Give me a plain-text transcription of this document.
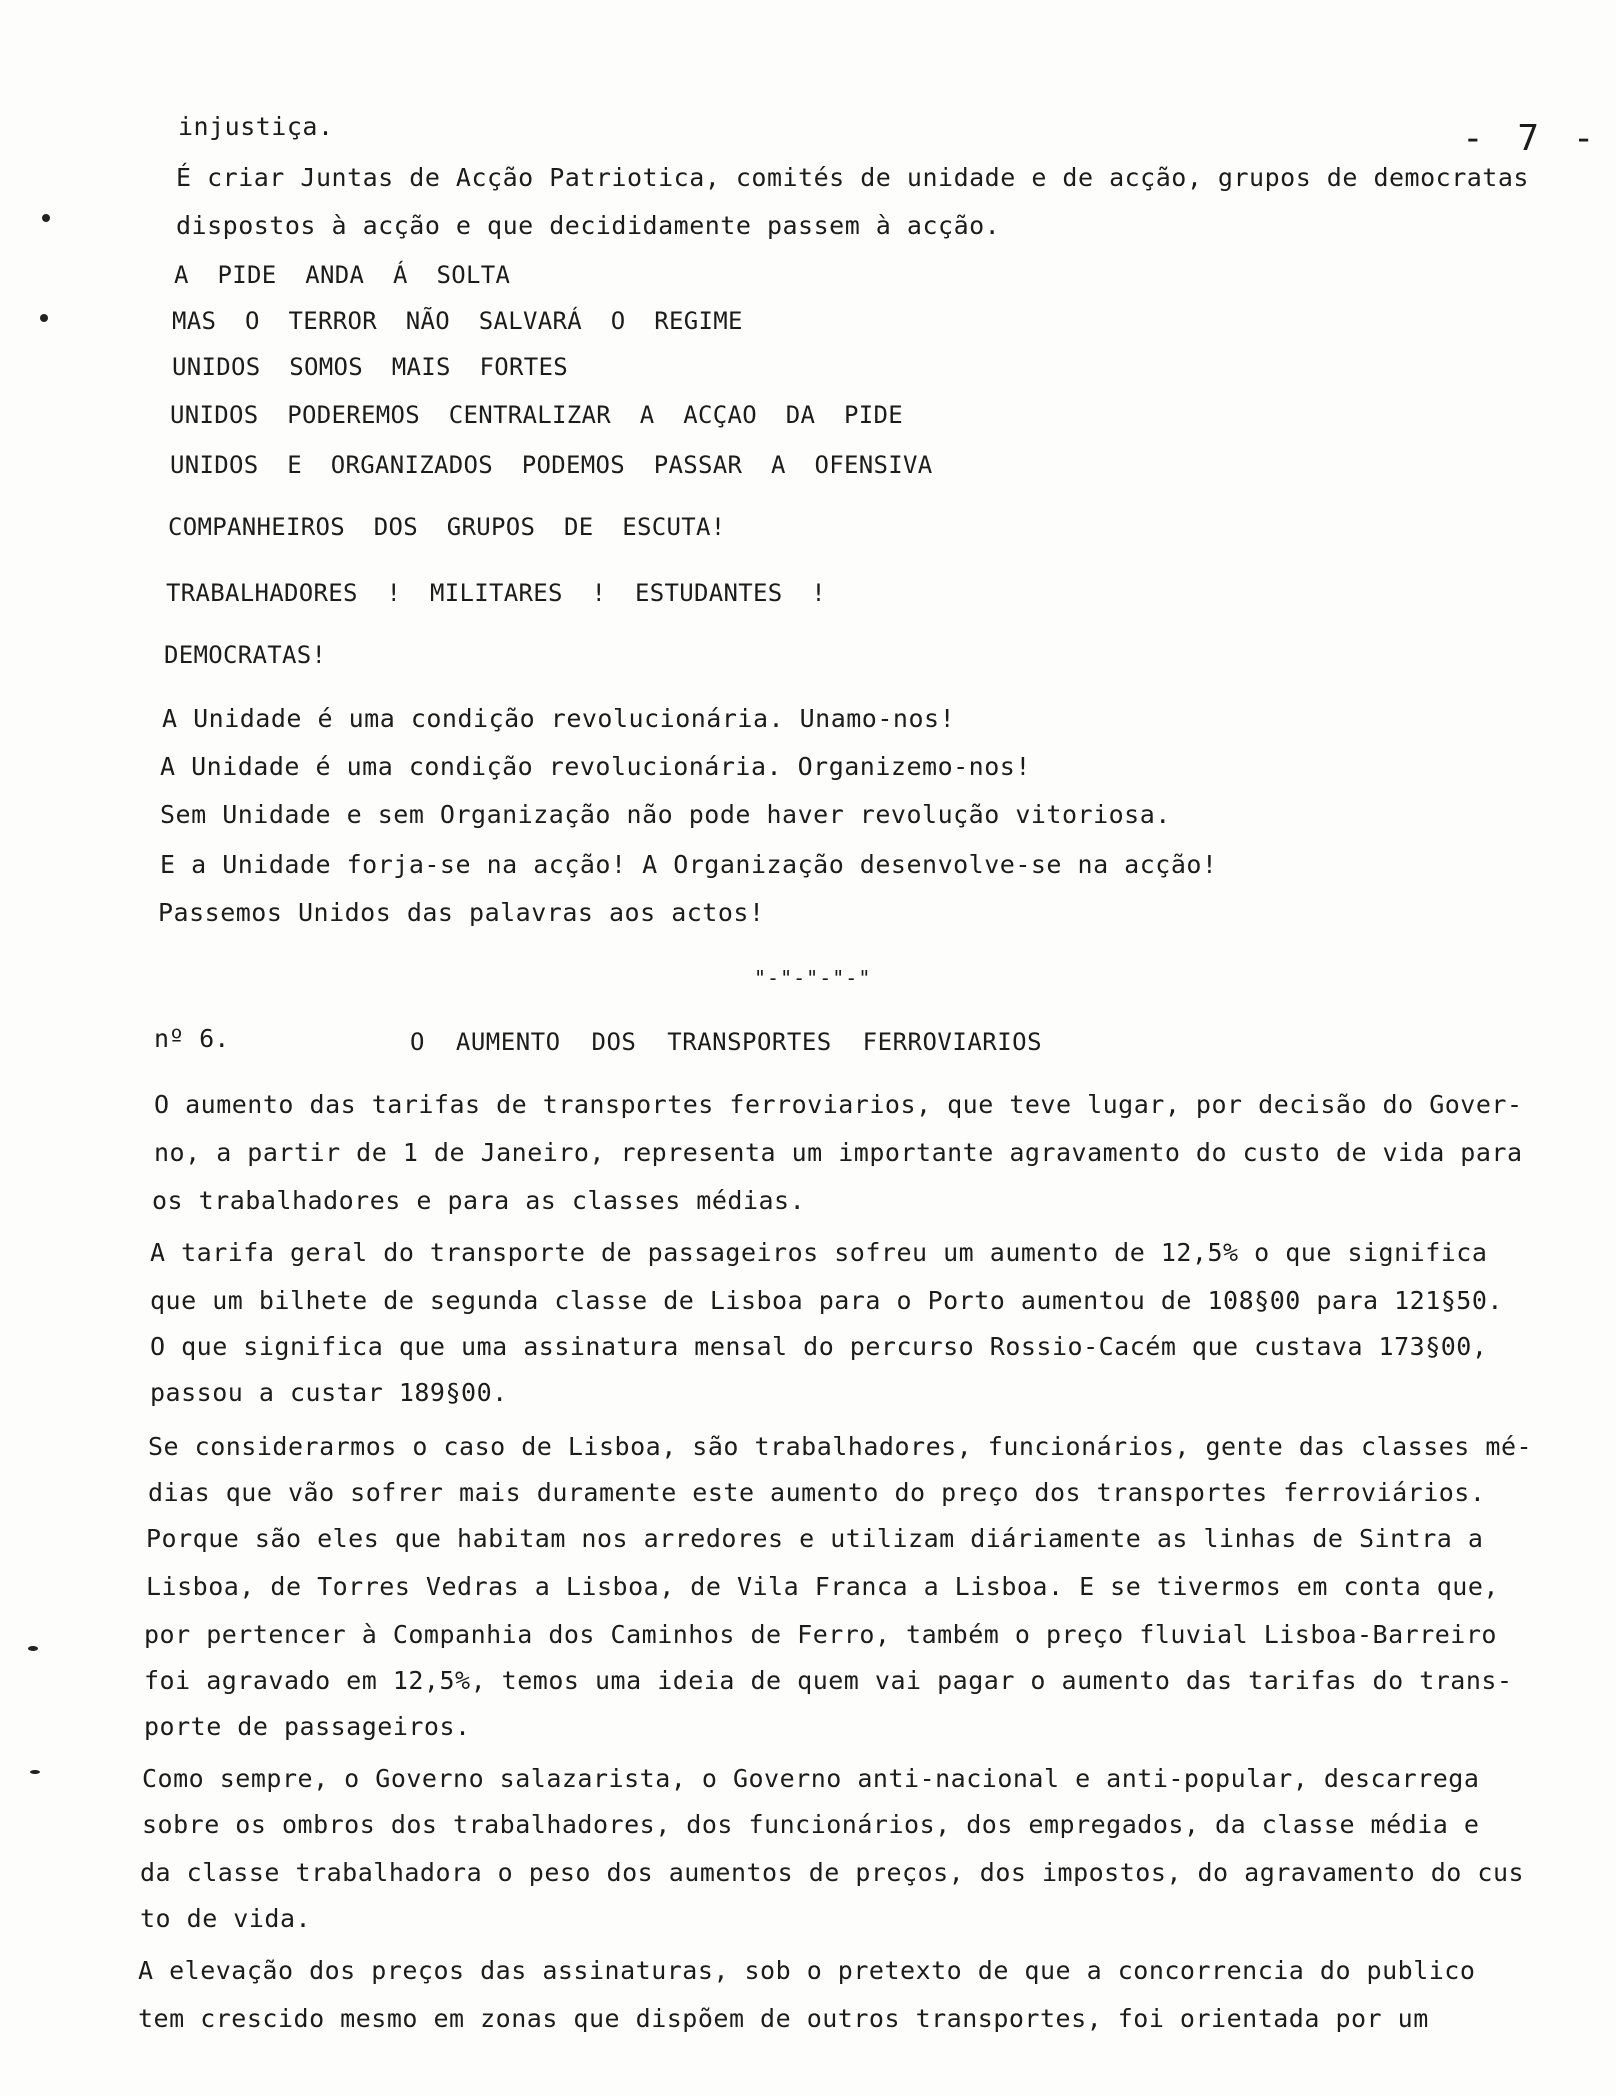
- 7 -
injustiça.
É criar Juntas de Acção Patriotica, comités de unidade e de acção, grupos de democratas
dispostos à acção e que decididamente passem à acção.
A PIDE ANDA Á SOLTA
MAS O TERROR NÃO SALVARÁ O REGIME
UNIDOS SOMOS MAIS FORTES
UNIDOS PODEREMOS CENTRALIZAR A ACÇAO DA PIDE
UNIDOS E ORGANIZADOS PODEMOS PASSAR A OFENSIVA
COMPANHEIROS DOS GRUPOS DE ESCUTA!
TRABALHADORES ! MILITARES ! ESTUDANTES !
DEMOCRATAS!
A Unidade é uma condição revolucionária. Unamo-nos!
A Unidade é uma condição revolucionária. Organizemo-nos!
Sem Unidade e sem Organização não pode haver revolução vitoriosa.
E a Unidade forja-se na acção! A Organização desenvolve-se na acção!
Passemos Unidos das palavras aos actos!
"-"-"-"-"
nº 6.	O AUMENTO DOS TRANSPORTES FERROVIARIOS
O aumento das tarifas de transportes ferroviarios, que teve lugar, por decisão do Gover-
no, a partir de 1 de Janeiro, representa um importante agravamento do custo de vida para
os trabalhadores e para as classes médias.
A tarifa geral do transporte de passageiros sofreu um aumento de 12,5% o que significa
que um bilhete de segunda classe de Lisboa para o Porto aumentou de 108§00 para 121§50.
O que significa que uma assinatura mensal do percurso Rossio-Cacém que custava 173§00,
passou a custar 189§00.
Se considerarmos o caso de Lisboa, são trabalhadores, funcionários, gente das classes mé-
dias que vão sofrer mais duramente este aumento do preço dos transportes ferroviários.
Porque são eles que habitam nos arredores e utilizam diáriamente as linhas de Sintra a
Lisboa, de Torres Vedras a Lisboa, de Vila Franca a Lisboa. E se tivermos em conta que,
por pertencer à Companhia dos Caminhos de Ferro, também o preço fluvial Lisboa-Barreiro
foi agravado em 12,5%, temos uma ideia de quem vai pagar o aumento das tarifas do trans-
porte de passageiros.
Como sempre, o Governo salazarista, o Governo anti-nacional e anti-popular, descarrega
sobre os ombros dos trabalhadores, dos funcionários, dos empregados, da classe média e
da classe trabalhadora o peso dos aumentos de preços, dos impostos, do agravamento do cus
to de vida.
A elevação dos preços das assinaturas, sob o pretexto de que a concorrencia do publico
tem crescido mesmo em zonas que dispõem de outros transportes, foi orientada por um
